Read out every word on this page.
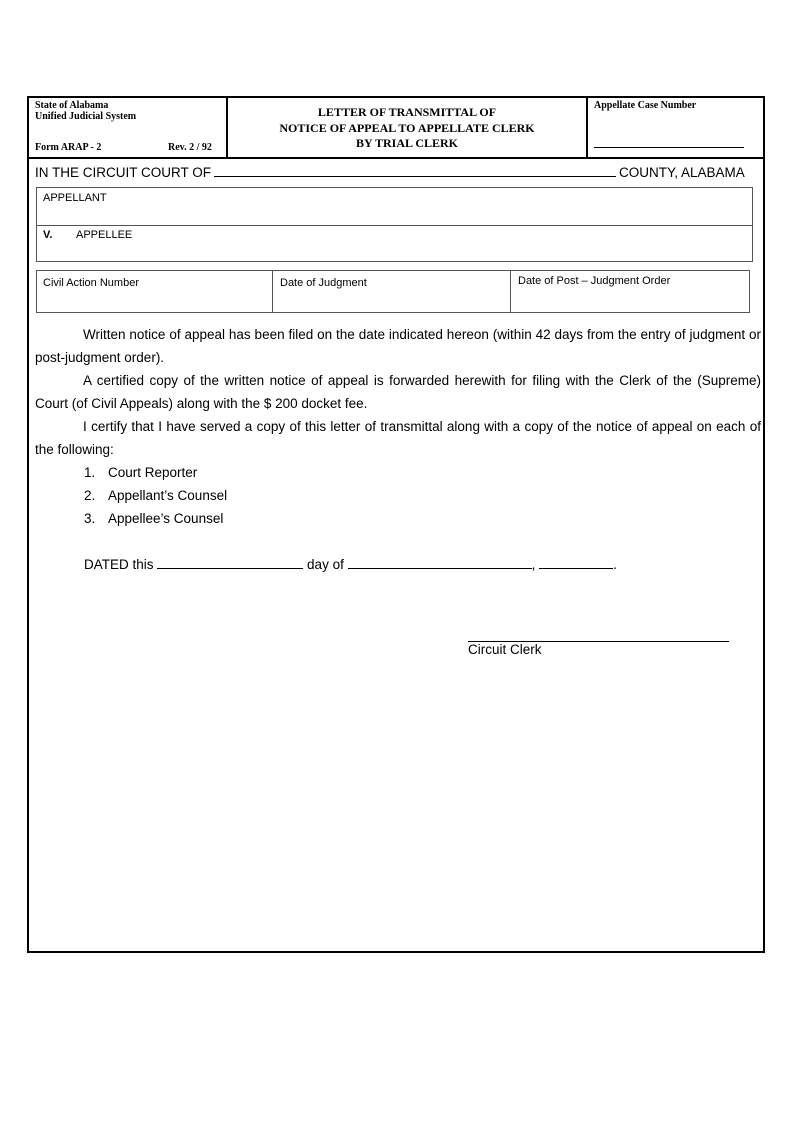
State of Alabama
Unified Judicial System
Form ARAP - 2	Rev. 2 / 92
LETTER OF TRANSMITTAL OF
NOTICE OF APPEAL TO APPELLATE CLERK
BY TRIAL CLERK
Appellate Case Number
IN THE CIRCUIT COURT OF	COUNTY, ALABAMA
APPELLANT
V. APPELLEE
Civil Action Number	Date of Judgment	Date of Post – Judgment Order

Written notice of appeal has been filed on the date indicated hereon (within 42 days from the entry of judgment or post-judgment order).

A certified copy of the written notice of appeal is forwarded herewith for filing with the Clerk of the (Supreme) Court (of Civil Appeals) along with the $ 200 docket fee.

I certify that I have served a copy of this letter of transmittal along with a copy of the notice of appeal on each of the following:

1. Court Reporter
2. Appellant’s Counsel
3. Appellee’s Counsel
DATED this	day of	,	.
Circuit Clerk
